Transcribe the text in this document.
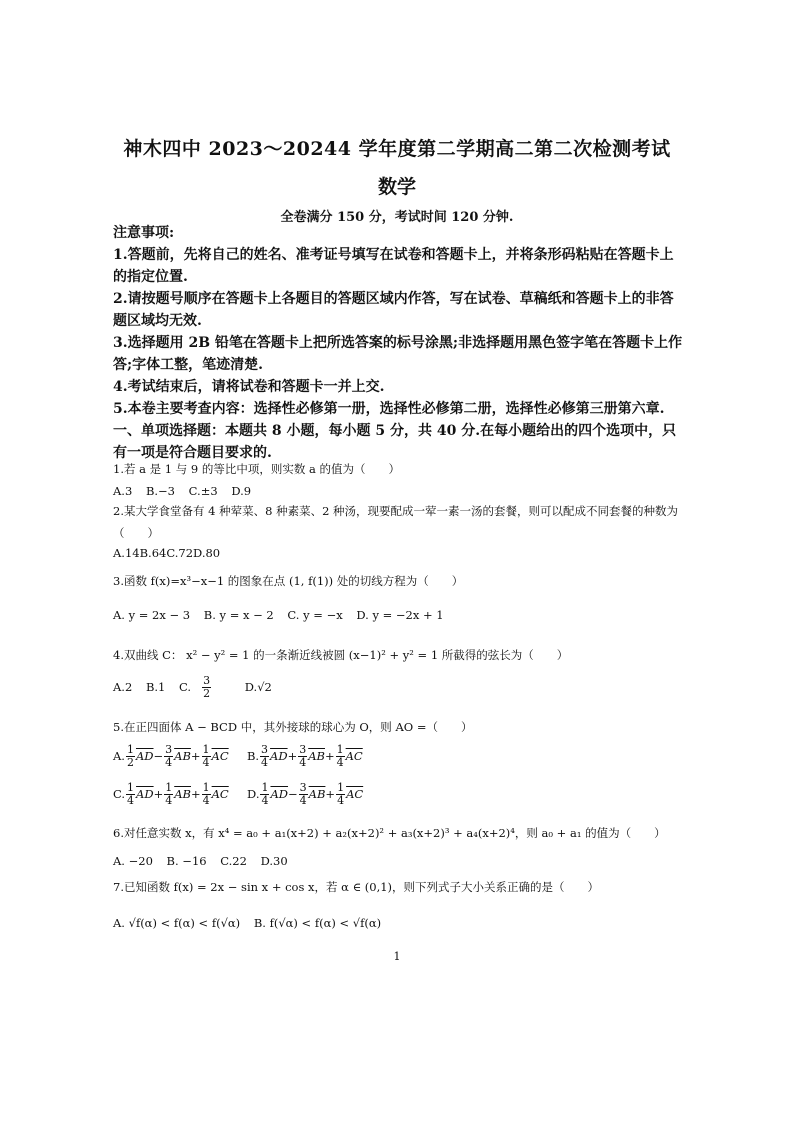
神木四中 2023～20244 学年度第二学期高二第二次检测考试
数学
全卷满分 150 分，考试时间 120 分钟.
注意事项:
1.答题前，先将自己的姓名、准考证号填写在试卷和答题卡上，并将条形码粘贴在答题卡上的指定位置.
2.请按题号顺序在答题卡上各题目的答题区域内作答，写在试卷、草稿纸和答题卡上的非答题区域均无效.
3.选择题用 2B 铅笔在答题卡上把所选答案的标号涂黑;非选择题用黑色签字笔在答题卡上作答;字体工整，笔迹清楚.
4.考试结束后，请将试卷和答题卡一并上交.
5.本卷主要考查内容：选择性必修第一册，选择性必修第二册，选择性必修第三册第六章.
一、单项选择题：本题共 8 小题，每小题 5 分，共 40 分.在每小题给出的四个选项中，只有一项是符合题目要求的.
1.若 a 是 1 与 9 的等比中项，则实数 a 的值为（　　）
A.3 B.−3 C.±3 D.9
2.某大学食堂备有 4 种荤菜、8 种素菜、2 种汤，现要配成一荤一素一汤的套餐，则可以配成不同套餐的种数为（　　）
A.14B.64C.72D.80
3.函数 f(x)=x³−x−1 的图象在点 (1, f(1)) 处的切线方程为（　　）
A. y = 2x − 3 B. y = x − 2 C. y = −x D. y = −2x + 1
4.双曲线 C： x² − y² = 1 的一条渐近线被圆 (x−1)² + y² = 1 所截得的弦长为（　　）
A.2 B.1 C. $\frac{3}{2} D.√2$
5.在正四面体 A − BCD 中，其外接球的球心为 O，则 AO =（　　）
A. $\frac{1}{2} \overline{AD}- \frac{3}{4} \overline{AB}+ \frac{1}{4} \overline{AC}$ B. $\frac{3}{4} \overline{AD}+ \frac{3}{4} \overline{AB}+ \frac{1}{4} \overline{AC}$
C. $\frac{1}{4} \overline{AD}+ \frac{1}{4} \overline{AB}+ \frac{1}{4} \overline{AC}$ D. $\frac{1}{4} \overline{AD}- \frac{3}{4} \overline{AB}+ \frac{1}{4} \overline{AC}$
6.对任意实数 x，有 x⁴ = a₀ + a₁(x+2) + a₂(x+2)² + a₃(x+2)³ + a₄(x+2)⁴，则 a₀ + a₁ 的值为（　　）
A. −20 B. −16 C.22 D.30
7.已知函数 f(x) = 2x − sin x + cos x，若 α ∈ (0,1)，则下列式子大小关系正确的是（　　）
A. √f(α) < f(α) < f(√α) B. f(√α) < f(α) < √f(α)
1
